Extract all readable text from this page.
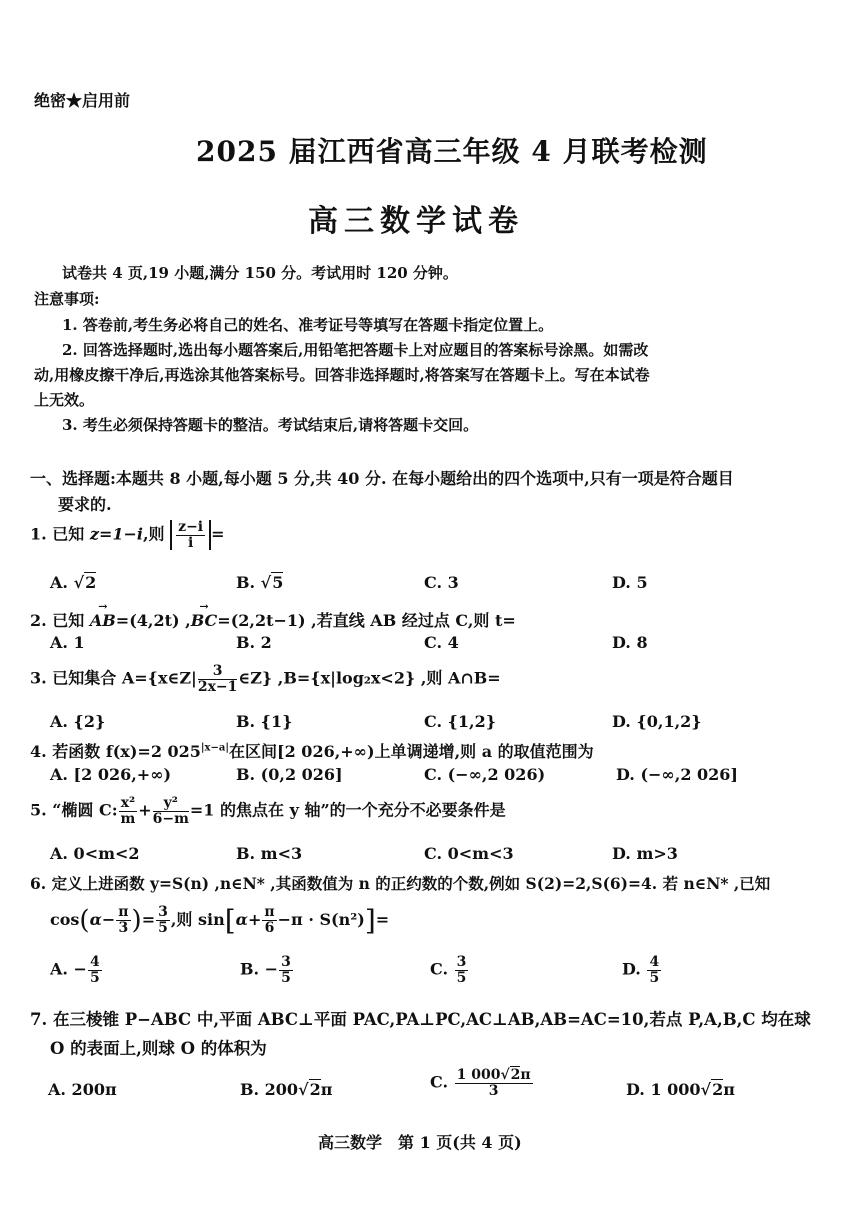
绝密★启用前
2025 届江西省高三年级 4 月联考检测
高三数学试卷
试卷共 4 页,19 小题,满分 150 分。考试用时 120 分钟。
注意事项:
1. 答卷前,考生务必将自己的姓名、准考证号等填写在答题卡指定位置上。
2. 回答选择题时,选出每小题答案后,用铅笔把答题卡上对应题目的答案标号涂黑。如需改
动,用橡皮擦干净后,再选涂其他答案标号。回答非选择题时,将答案写在答题卡上。写在本试卷
上无效。
3. 考生必须保持答题卡的整洁。考试结束后,请将答题卡交回。
一、选择题:本题共 8 小题,每小题 5 分,共 40 分. 在每小题给出的四个选项中,只有一项是符合题目
要求的.
1. 已知 z=1−i,则 $\frac{z-i}{i}$ =
A. √2	B. √5	C. 3	D. 5
2. 已知 → AB=(4,2t) ,→ BC=(2,2t−1) ,若直线 AB 经过点 C,则 t=
A. 1	B. 2	C. 4	D. 8
3. 已知集合 A={x∈Z| $\frac{3}{2x-1}$ ∈Z} ,B={x|log₂x<2} ,则 A∩B=
A. {2}	B. {1}	C. {1,2}	D. {0,1,2}
4. 若函数 f(x)=2 $025^{|x-a|}$在区间[2 026,+∞)上单调递增,则 a 的取值范围为
A. [2 026,+∞)	B. (0,2 026]	C. (−∞,2 026)	D. (−∞,2 026]
5. “椭圆 C: $\frac{\text{x²}}{m} + \frac{\text{y²}}{6-m} =1$ 的焦点在 y 轴”的一个充分不必要条件是
A. 0<m<2	B. m<3	C. 0<m<3	D. m>3
6. 定义上进函数 y=S(n) ,n∈N* ,其函数值为 n 的正约数的个数,例如 S(2)=2,S(6)=4. 若 n∈N* ,已知
$\cos(\alpha- \frac{\pi}{3}$ )= $\frac{3}{5}$ ,则 $\sin[\alpha+ \frac{\pi}{6} -\pi \cdot S(n^2)]=$
A. − $\frac{4}{5}$	B. − $\frac{3}{5}$	C. $\frac{3}{5}$	D. $\frac{4}{5}$
7. 在三棱锥 P−ABC 中,平面 ABC⊥平面 PAC,PA⊥PC,AC⊥AB,AB=AC=10,若点 P,A,B,C 均在球
O 的表面上,则球 O 的体积为
A. 200π	B. 200√2π	C. $\frac{1 000√2\pi}{3}$	D. 1 000√2π
高三数学　第 1 页(共 4 页)
